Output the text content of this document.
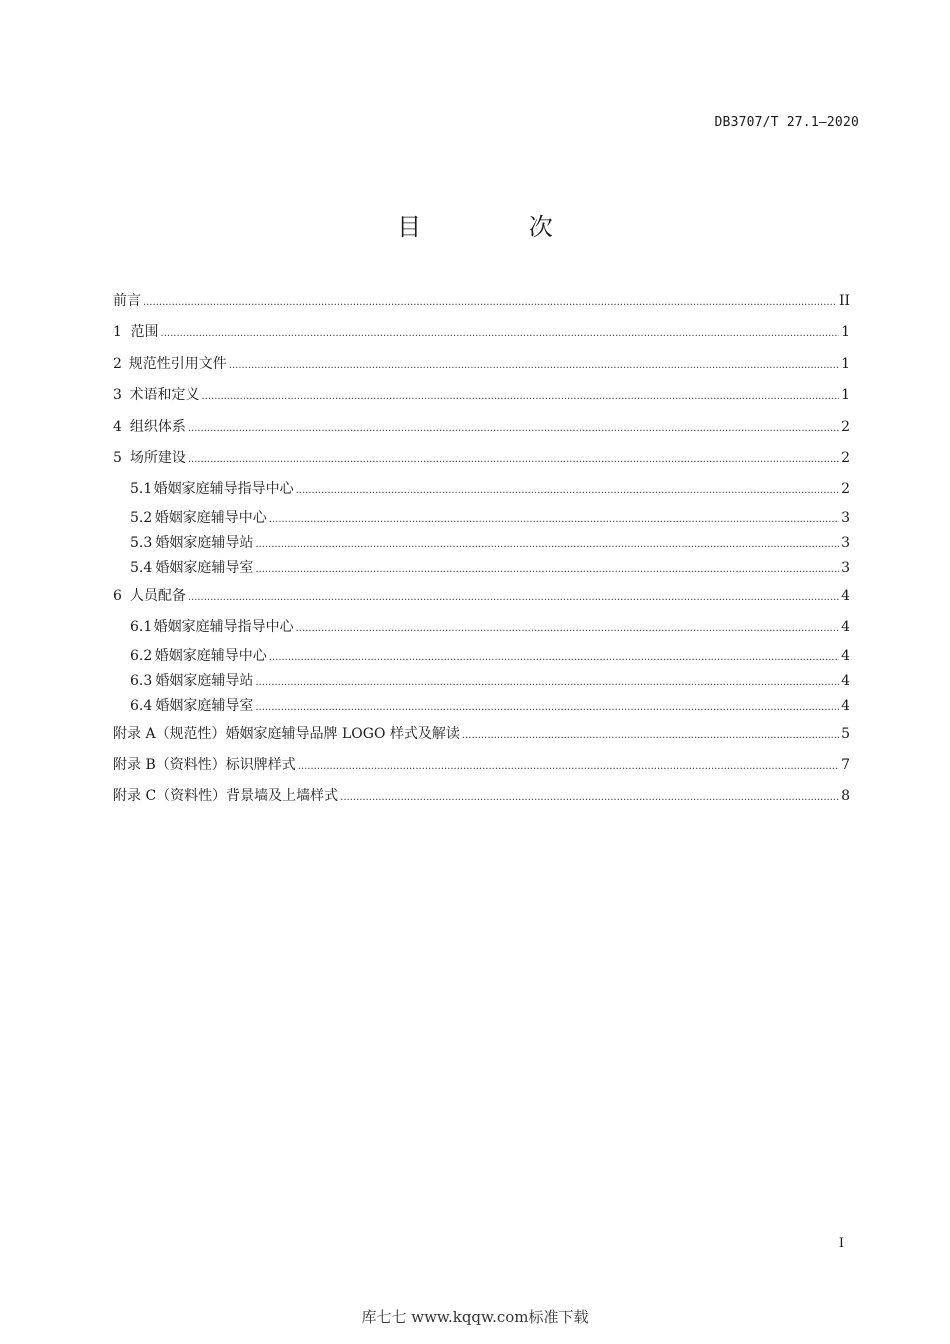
DB3707/T 27.1—2020
目 次
前言 .....	II
1 范围 .....	1
2 规范性引用文件 .....	1
3 术语和定义 .....	1
4 组织体系 .....	2
5 场所建设 .....	2
5.1 婚姻家庭辅导指导中心 .....	2
5.2 婚姻家庭辅导中心 .....	3
5.3 婚姻家庭辅导站 .....	3
5.4 婚姻家庭辅导室 .....	3
6 人员配备 .....	4
6.1 婚姻家庭辅导指导中心 .....	4
6.2 婚姻家庭辅导中心 .....	4
6.3 婚姻家庭辅导站 .....	4
6.4 婚姻家庭辅导室 .....	4
附录 A （规范性） 婚姻家庭辅导品牌 LOGO 样式及解读 .....	5
附录 B （资料性） 标识牌样式 .....	7
附录 C （资料性） 背景墙及上墙样式 .....	8
I
库七七 www.kqqw.com标准下载
